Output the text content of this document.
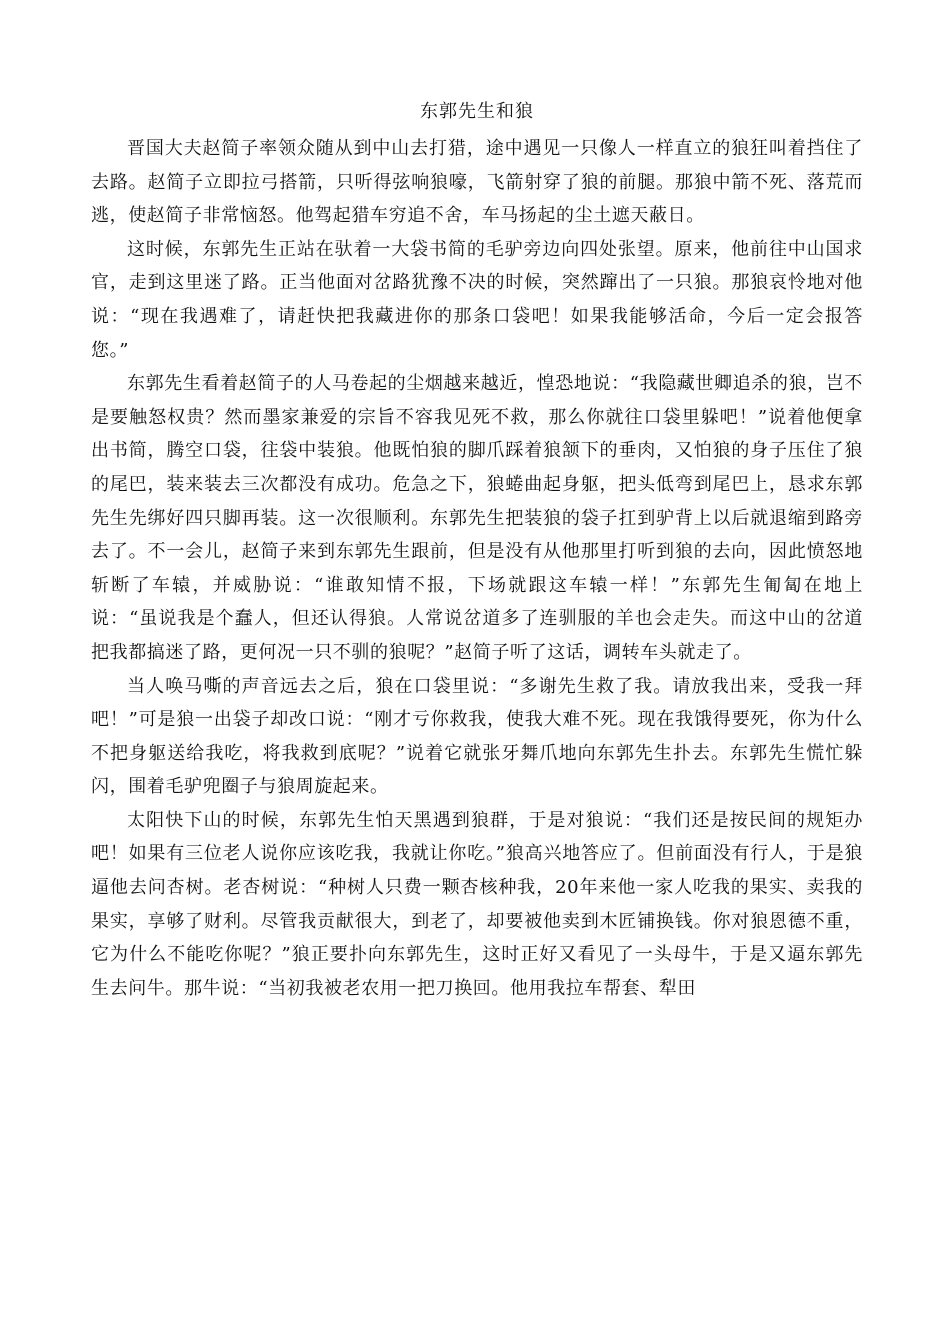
东郭先生和狼

晋国大夫赵简子率领众随从到中山去打猎，途中遇见一只像人一样直立的狼狂叫着挡住了去路。赵简子立即拉弓搭箭，只听得弦响狼嚎，飞箭射穿了狼的前腿。那狼中箭不死、落荒而逃，使赵简子非常恼怒。他驾起猎车穷追不舍，车马扬起的尘土遮天蔽日。

这时候，东郭先生正站在驮着一大袋书简的毛驴旁边向四处张望。原来，他前往中山国求官，走到这里迷了路。正当他面对岔路犹豫不决的时候，突然蹿出了一只狼。那狼哀怜地对他说：“现在我遇难了，请赶快把我藏进你的那条口袋吧！如果我能够活命，今后一定会报答您。”

东郭先生看着赵简子的人马卷起的尘烟越来越近，惶恐地说：“我隐藏世卿追杀的狼，岂不是要触怒权贵？然而墨家兼爱的宗旨不容我见死不救，那么你就往口袋里躲吧！”说着他便拿出书简，腾空口袋，往袋中装狼。他既怕狼的脚爪踩着狼颔下的垂肉，又怕狼的身子压住了狼的尾巴，装来装去三次都没有成功。危急之下，狼蜷曲起身躯，把头低弯到尾巴上，恳求东郭先生先绑好四只脚再装。这一次很顺利。东郭先生把装狼的袋子扛到驴背上以后就退缩到路旁去了。不一会儿，赵简子来到东郭先生跟前，但是没有从他那里打听到狼的去向，因此愤怒地斩断了车辕，并威胁说：“谁敢知情不报，下场就跟这车辕一样！”东郭先生匍匐在地上说：“虽说我是个蠢人，但还认得狼。人常说岔道多了连驯服的羊也会走失。而这中山的岔道把我都搞迷了路，更何况一只不驯的狼呢？”赵简子听了这话，调转车头就走了。

当人唤马嘶的声音远去之后，狼在口袋里说：“多谢先生救了我。请放我出来，受我一拜吧！”可是狼一出袋子却改口说：“刚才亏你救我，使我大难不死。现在我饿得要死，你为什么不把身躯送给我吃，将我救到底呢？”说着它就张牙舞爪地向东郭先生扑去。东郭先生慌忙躲闪，围着毛驴兜圈子与狼周旋起来。

太阳快下山的时候，东郭先生怕天黑遇到狼群，于是对狼说：“我们还是按民间的规矩办吧！如果有三位老人说你应该吃我，我就让你吃。”狼高兴地答应了。但前面没有行人，于是狼逼他去问杏树。老杏树说：“种树人只费一颗杏核种我，20年来他一家人吃我的果实、卖我的果实，享够了财利。尽管我贡献很大，到老了，却要被他卖到木匠铺换钱。你对狼恩德不重，它为什么不能吃你呢？”狼正要扑向东郭先生，这时正好又看见了一头母牛，于是又逼东郭先生去问牛。那牛说：“当初我被老农用一把刀换回。他用我拉车帮套、犁田
